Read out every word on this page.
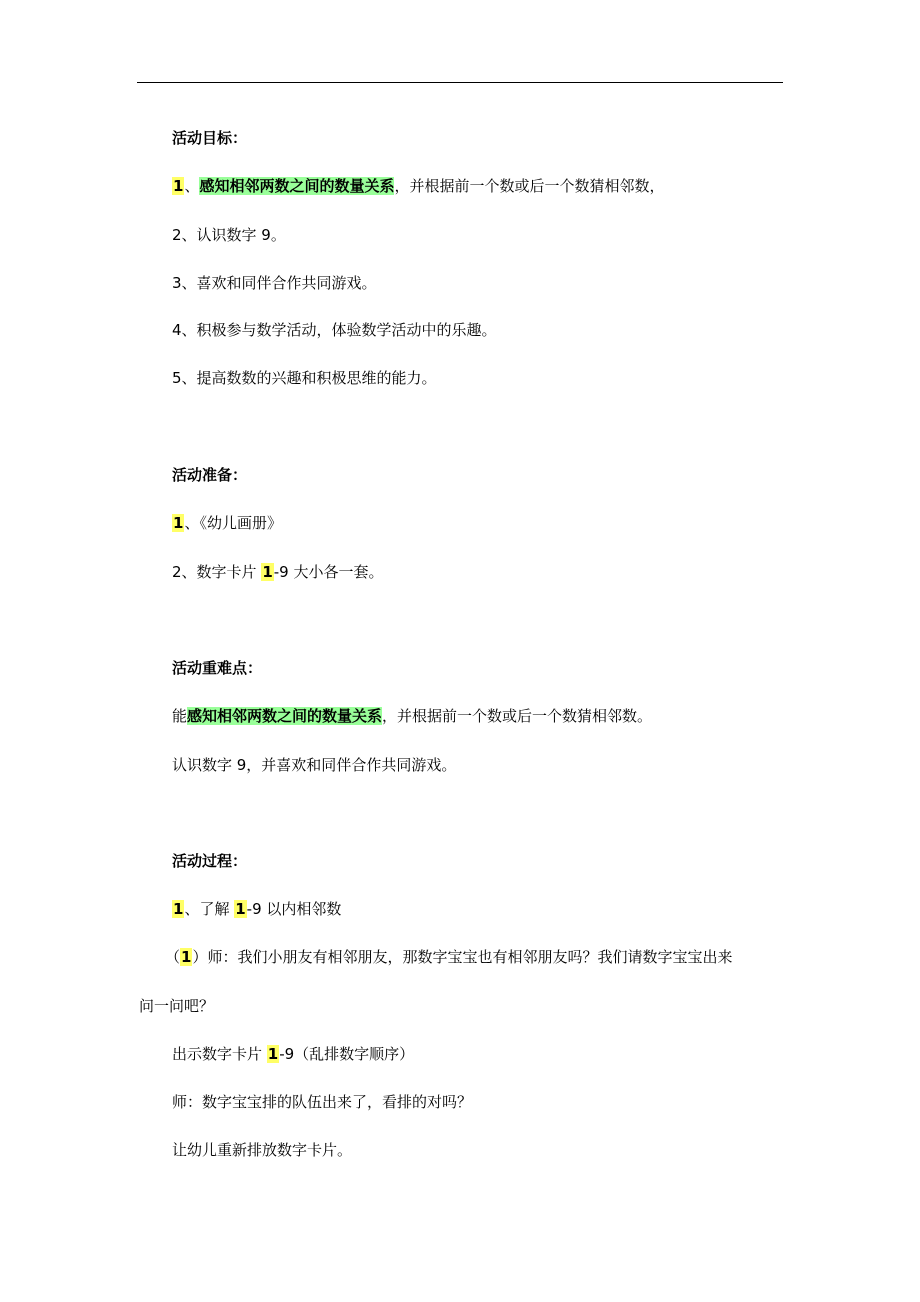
活动目标：
1、感知相邻两数之间的数量关系，并根据前一个数或后一个数猜相邻数，
2、认识数字 9。
3、喜欢和同伴合作共同游戏。
4、积极参与数学活动，体验数学活动中的乐趣。
5、提高数数的兴趣和积极思维的能力。
活动准备：
1、《幼儿画册》
2、数字卡片 1-9 大小各一套。
活动重难点：
能感知相邻两数之间的数量关系，并根据前一个数或后一个数猜相邻数。
认识数字 9，并喜欢和同伴合作共同游戏。
活动过程：
1、了解 1-9 以内相邻数
（1）师：我们小朋友有相邻朋友，那数字宝宝也有相邻朋友吗？我们请数字宝宝出来
问一问吧？
出示数字卡片 1-9（乱排数字顺序）
师：数字宝宝排的队伍出来了，看排的对吗？
让幼儿重新排放数字卡片。
